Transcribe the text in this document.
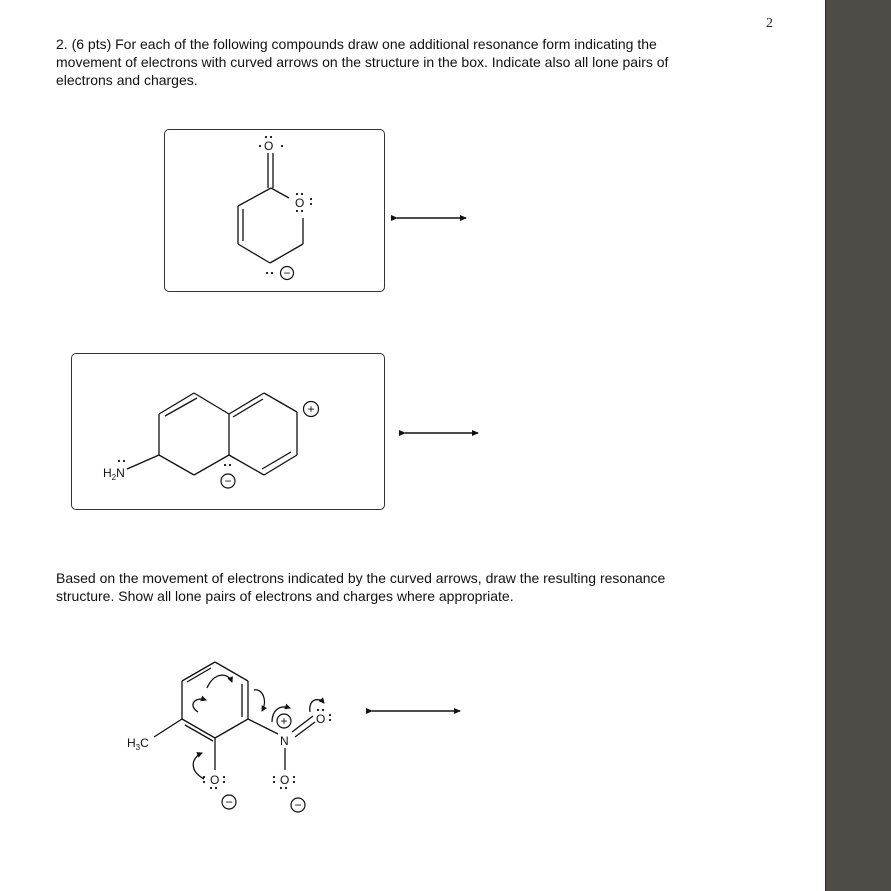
2
2. (6 pts) For each of the following compounds draw one additional resonance form indicating the
movement of electrons with curved arrows on the structure in the box. Indicate also all lone pairs of
electrons and charges.
Based on the movement of electrons indicated by the curved arrows, draw the resulting resonance
structure. Show all lone pairs of electrons and charges where appropriate.
O
O
−
$H_2N$
−
+
$H_3C$
O
−
N
+ O
O
−
